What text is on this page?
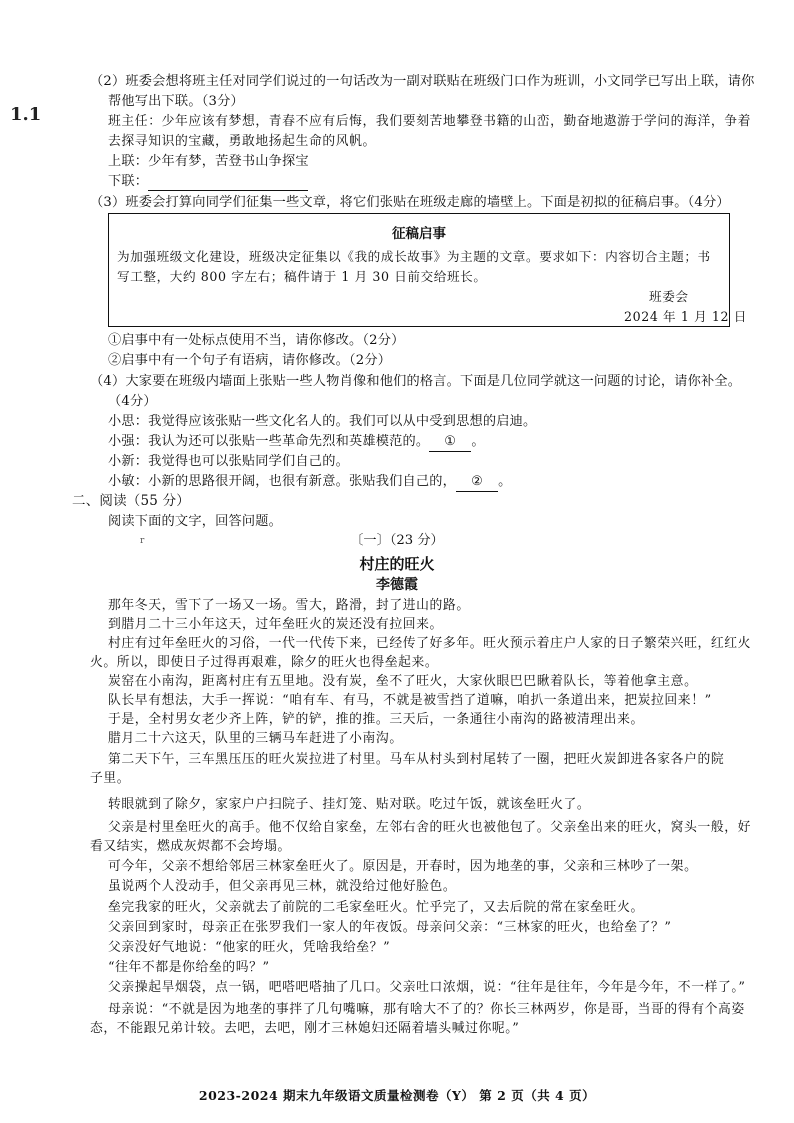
1.1
（2）班委会想将班主任对同学们说过的一句话改为一副对联贴在班级门口作为班训，小文同学已写出上联，请你
帮他写出下联。（3分）
班主任：少年应该有梦想，青春不应有后悔，我们要刻苦地攀登书籍的山峦，勤奋地遨游于学问的海洋，争着
去探寻知识的宝藏，勇敢地扬起生命的风帆。
上联：少年有梦，苦登书山争探宝
下联：
（3）班委会打算向同学们征集一些文章，将它们张贴在班级走廊的墙壁上。下面是初拟的征稿启事。（4分）
征稿启事
为加强班级文化建设，班级决定征集以《我的成长故事》为主题的文章。要求如下：内容切合主题；书
写工整，大约 800 字左右；稿件请于 1 月 30 日前交给班长。
班委会
2024 年 1 月 12 日
①启事中有一处标点使用不当，请你修改。（2分）
②启事中有一个句子有语病，请你修改。（2分）
（4）大家要在班级内墙面上张贴一些人物肖像和他们的格言。下面是几位同学就这一问题的讨论，请你补全。
（4分）
小思：我觉得应该张贴一些文化名人的。我们可以从中受到思想的启迪。
小强：我认为还可以张贴一些革命先烈和英雄模范的。 ① 。
小新：我觉得也可以张贴同学们自己的。
小敏：小新的思路很开阔，也很有新意。张贴我们自己的， ② 。
二、阅读（55 分）
阅读下面的文字，回答问题。
r	〔一〕（23 分）
村庄的旺火
李德霞
那年冬天，雪下了一场又一场。雪大，路滑，封了进山的路。
到腊月二十三小年这天，过年垒旺火的炭还没有拉回来。
村庄有过年垒旺火的习俗，一代一代传下来，已经传了好多年。旺火预示着庄户人家的日子繁荣兴旺，红红火
火。所以，即使日子过得再艰难，除夕的旺火也得垒起来。
炭窑在小南沟，距离村庄有五里地。没有炭，垒不了旺火，大家伙眼巴巴瞅着队长，等着他拿主意。
队长早有想法，大手一挥说：“咱有车、有马，不就是被雪挡了道嘛，咱扒一条道出来，把炭拉回来！”
于是，全村男女老少齐上阵，铲的铲，推的推。三天后，一条通往小南沟的路被清理出来。
腊月二十六这天，队里的三辆马车赶进了小南沟。
第二天下午，三车黑压压的旺火炭拉进了村里。马车从村头到村尾转了一圈，把旺火炭卸进各家各户的院
子里。
转眼就到了除夕，家家户户扫院子、挂灯笼、贴对联。吃过午饭，就该垒旺火了。
父亲是村里垒旺火的高手。他不仅给自家垒，左邻右舍的旺火也被他包了。父亲垒出来的旺火，窝头一般，好
看又结实，燃成灰烬都不会垮塌。
可今年，父亲不想给邻居三林家垒旺火了。原因是，开春时，因为地垄的事，父亲和三林吵了一架。
虽说两个人没动手，但父亲再见三林，就没给过他好脸色。
垒完我家的旺火，父亲就去了前院的二毛家垒旺火。忙乎完了，又去后院的常在家垒旺火。
父亲回到家时，母亲正在张罗我们一家人的年夜饭。母亲问父亲：“三林家的旺火，也给垒了？”
父亲没好气地说：“他家的旺火，凭啥我给垒？”
“往年不都是你给垒的吗？”
父亲操起旱烟袋，点一锅，吧嗒吧嗒抽了几口。父亲吐口浓烟，说：“往年是往年，今年是今年，不一样了。”
母亲说：“不就是因为地垄的事拌了几句嘴嘛，那有啥大不了的？你长三林两岁，你是哥，当哥的得有个高姿
态，不能跟兄弟计较。去吧，去吧，刚才三林媳妇还隔着墙头喊过你呢。”
2023-2024 期末九年级语文质量检测卷（Y） 第 2 页（共 4 页）
